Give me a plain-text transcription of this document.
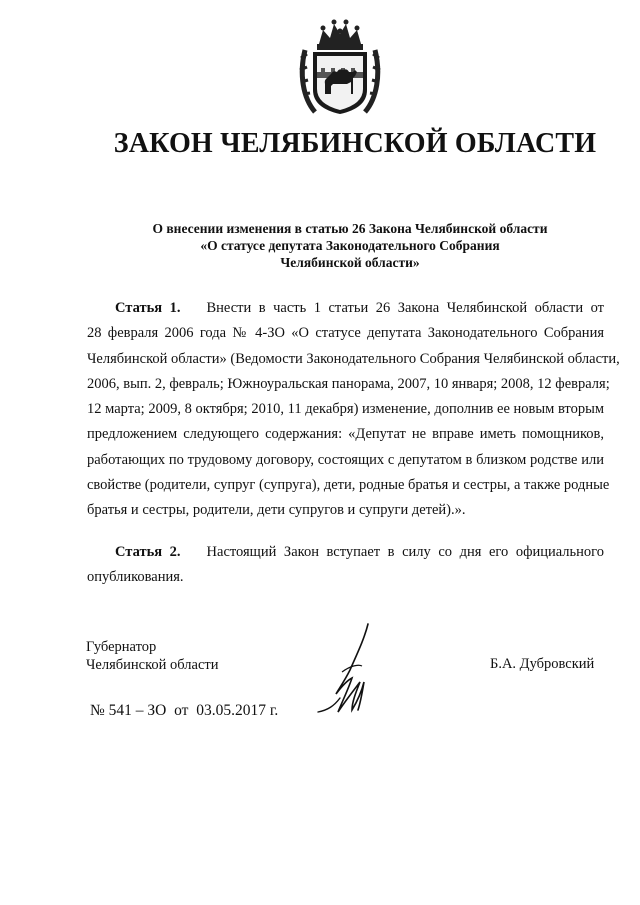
ЗАКОН ЧЕЛЯБИНСКОЙ ОБЛАСТИ
О внесении изменения в статью 26 Закона Челябинской области
«О статусе депутата Законодательного Собрания
Челябинской области»
Статья 1. Внести в часть 1 статьи 26 Закона Челябинской области от
28 февраля 2006 года № 4-ЗО «О статусе депутата Законодательного Собрания
Челябинской области» (Ведомости Законодательного Собрания Челябинской области,
2006, вып. 2, февраль; Южноуральская панорама, 2007, 10 января; 2008, 12 февраля;
12 марта; 2009, 8 октября; 2010, 11 декабря) изменение, дополнив ее новым вторым
предложением следующего содержания: «Депутат не вправе иметь помощников,
работающих по трудовому договору, состоящих с депутатом в близком родстве или
свойстве (родители, супруг (супруга), дети, родные братья и сестры, а также родные
братья и сестры, родители, дети супругов и супруги детей).».
Статья 2. Настоящий Закон вступает в силу со дня его официального
опубликования.
Губернатор
Челябинской области	Б.А. Дубровский
№ 541 – ЗО  от  03.05.2017 г.
